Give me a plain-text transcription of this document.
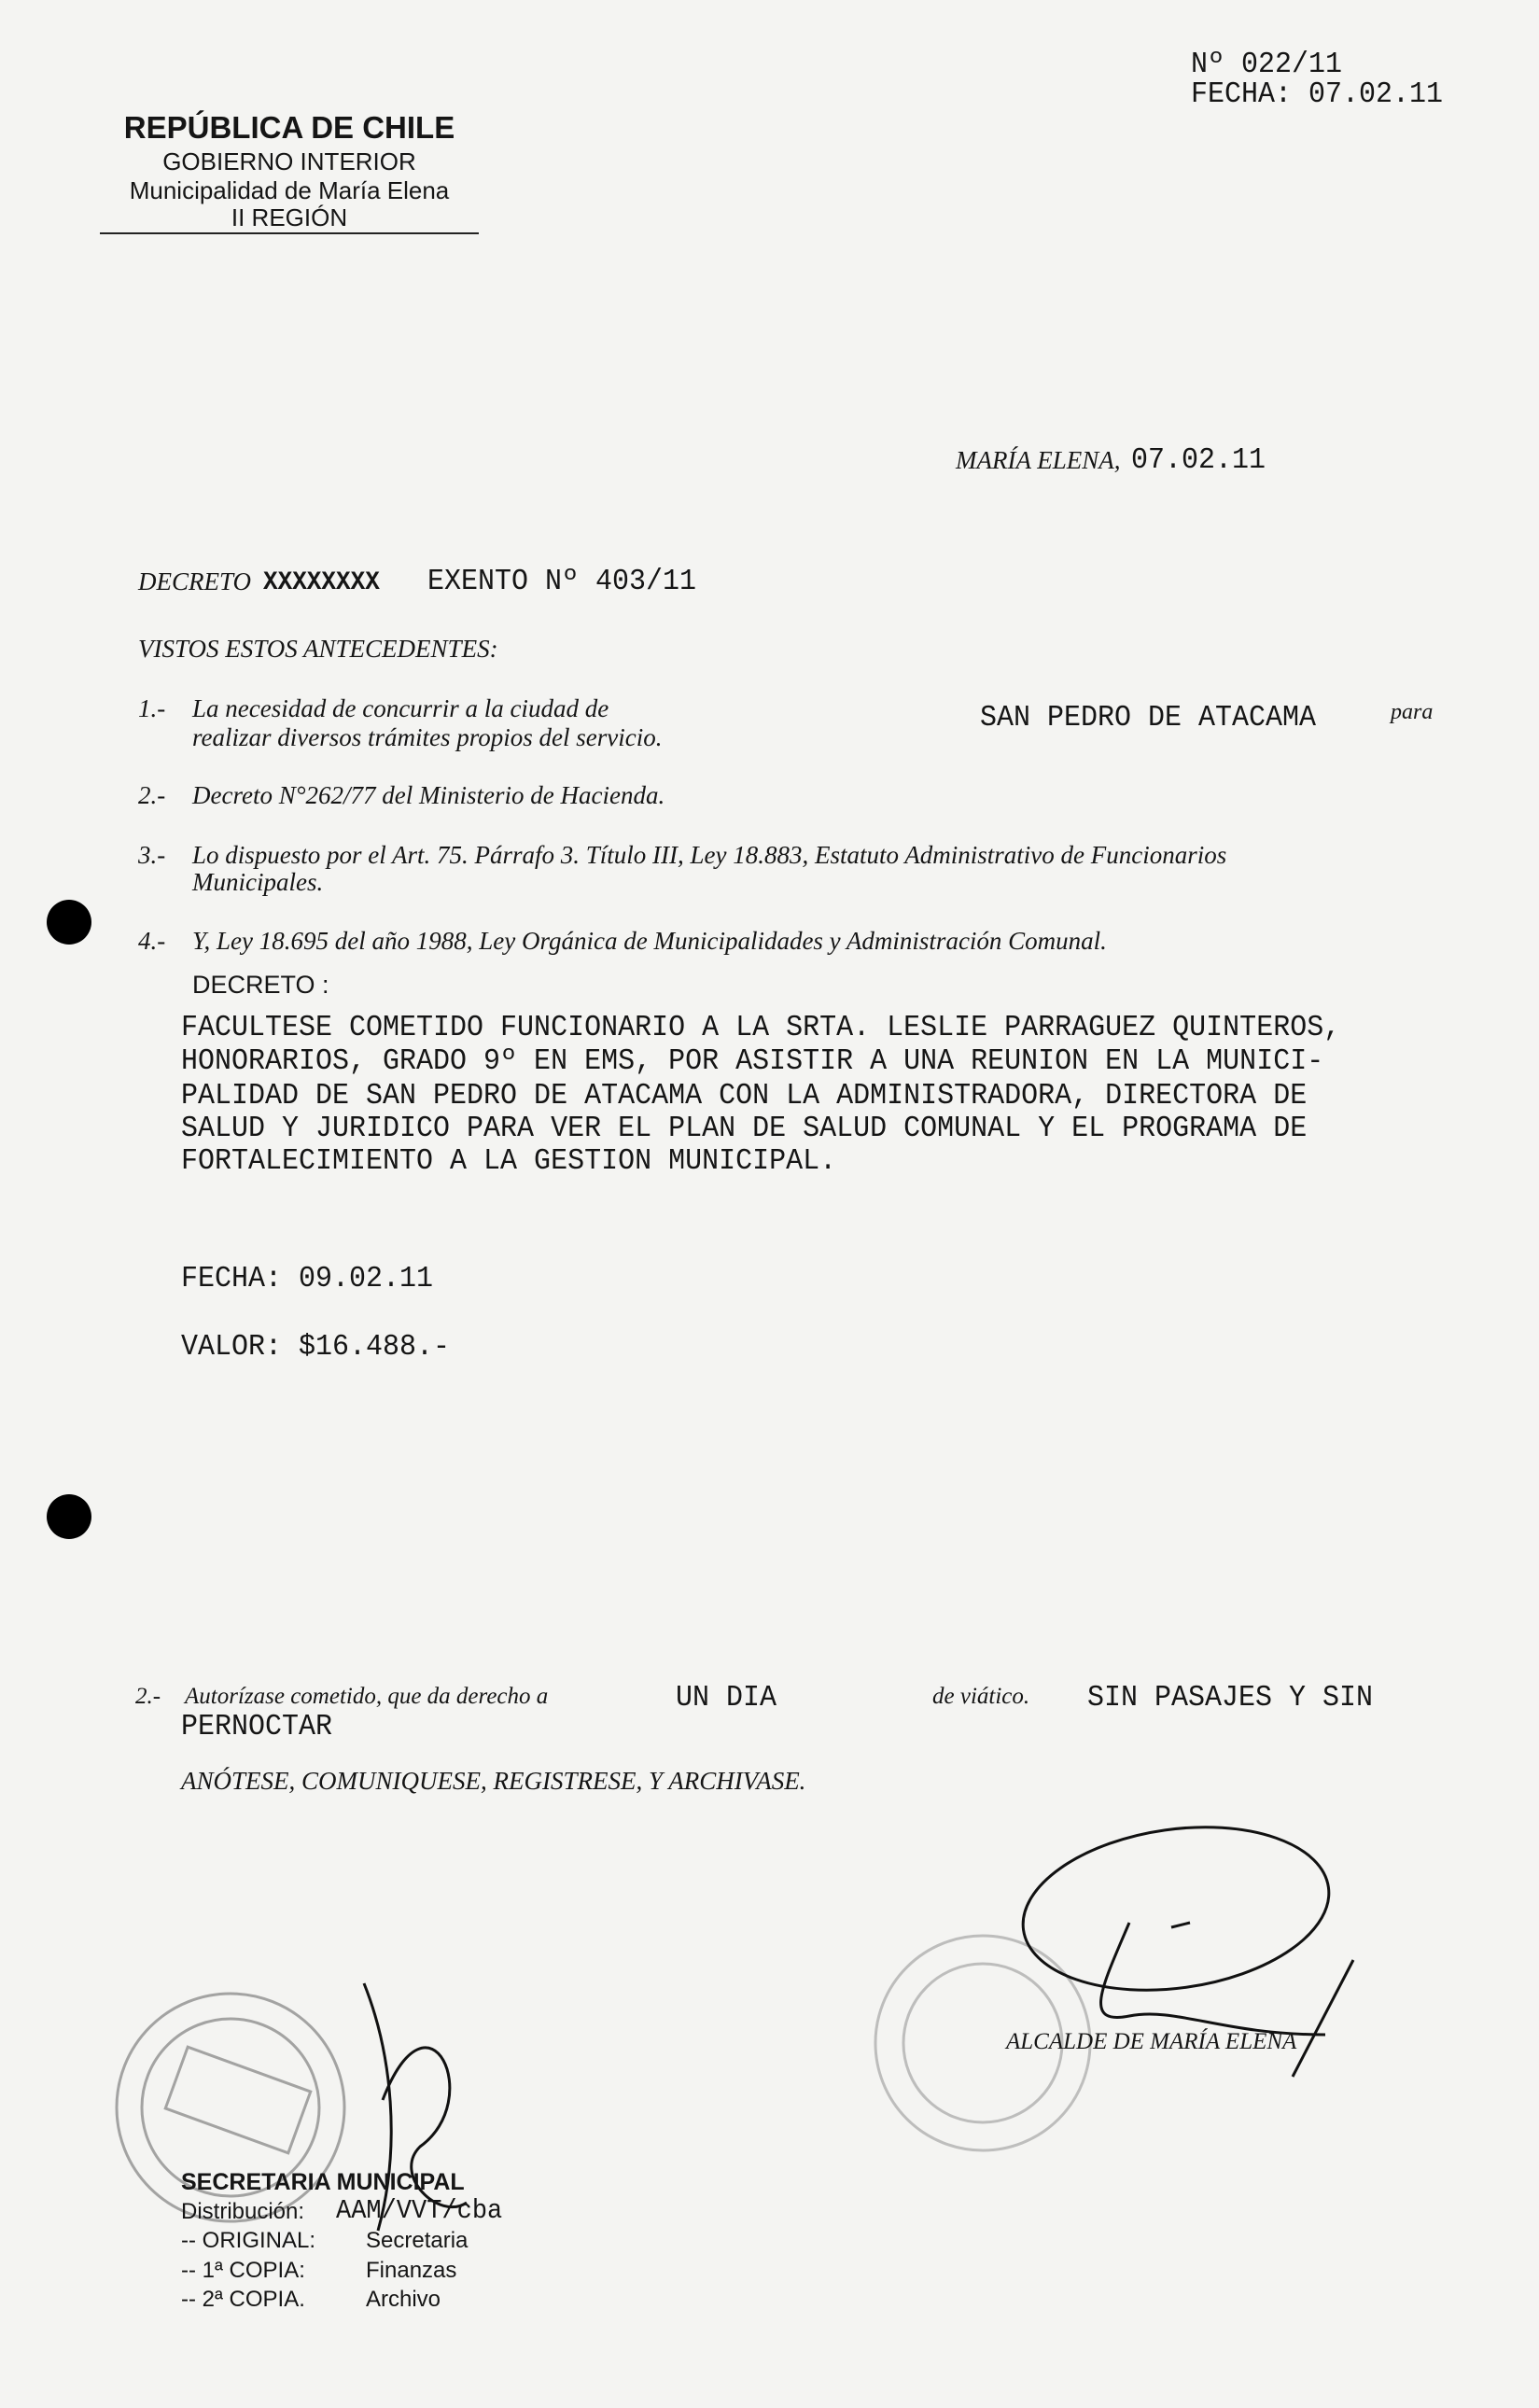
Nº 022/11
FECHA: 07.02.11
REPÚBLICA DE CHILE
GOBIERNO INTERIOR
Municipalidad de María Elena
II REGIÓN
MARÍA ELENA, 07.02.11
DECRETO XXXXXXXX EXENTO Nº 403/11
VISTOS ESTOS ANTECEDENTES:
1.- La necesidad de concurrir a la ciudad de
realizar diversos trámites propios del servicio.
SAN PEDRO DE ATACAMA	para
2.- Decreto N°262/77 del Ministerio de Hacienda.
3.- Lo dispuesto por el Art. 75. Párrafo 3. Título III, Ley 18.883, Estatuto Administrativo de Funcionarios
Municipales.
4.- Y, Ley 18.695 del año 1988, Ley Orgánica de Municipalidades y Administración Comunal.
DECRETO :
FACULTESE COMETIDO FUNCIONARIO A LA SRTA. LESLIE PARRAGUEZ QUINTEROS,
HONORARIOS, GRADO 9º EN EMS, POR ASISTIR A UNA REUNION EN LA MUNICI-
PALIDAD DE SAN PEDRO DE ATACAMA CON LA ADMINISTRADORA, DIRECTORA DE
SALUD Y JURIDICO PARA VER EL PLAN DE SALUD COMUNAL Y EL PROGRAMA DE
FORTALECIMIENTO A LA GESTION MUNICIPAL.
FECHA: 09.02.11
VALOR: $16.488.-
2.- Autorízase cometido, que da derecho a	UN DIA	de viático. SIN PASAJES Y SIN
PERNOCTAR
ANÓTESE, COMUNIQUESE, REGISTRESE, Y ARCHIVASE.
ALCALDE DE MARÍA ELENA
SECRETARIA MUNICIPAL
Distribución: AAM/VVT/cba
-- ORIGINAL: Secretaria
-- 1ª COPIA:	Finanzas
-- 2ª COPIA.	Archivo
